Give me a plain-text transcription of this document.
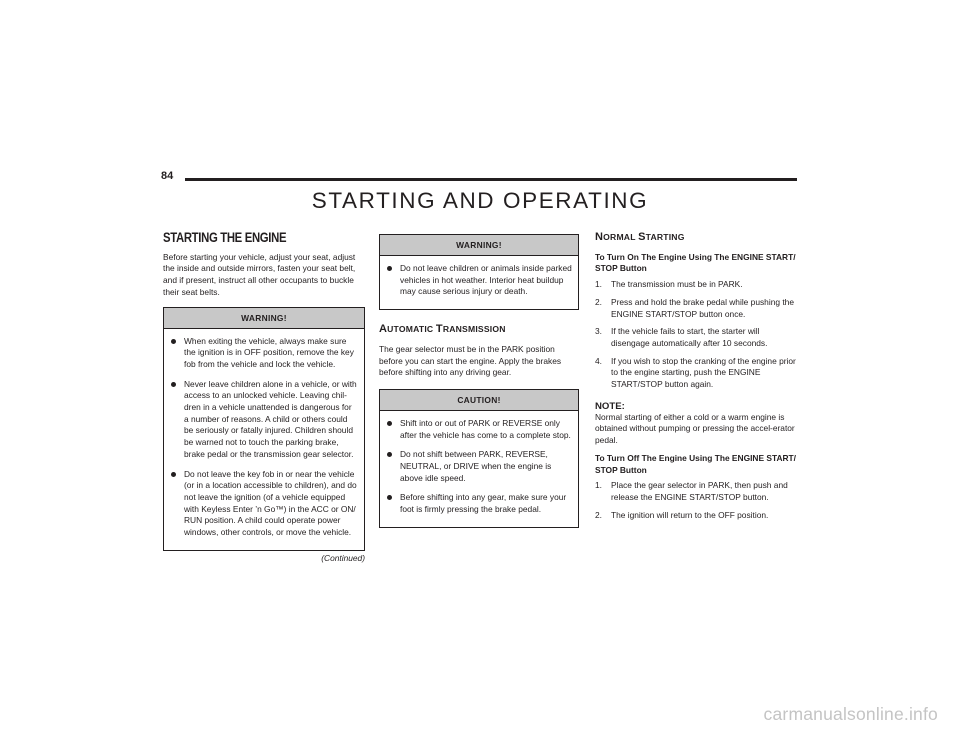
84
STARTING AND OPERATING
STARTING THE ENGINE

Before starting your vehicle, adjust your seat, adjust the inside and outside mirrors, fasten your seat belt, and if present, instruct all other occupants to buckle their seat belts.

WARNING!
When exiting the vehicle, always make sure the ignition is in OFF position, remove the key fob from the vehicle and lock the vehicle.
Never leave children alone in a vehicle, or with access to an unlocked vehicle. Leaving chil-dren in a vehicle unattended is dangerous for a number of reasons. A child or others could be seriously or fatally injured. Children should be warned not to touch the parking brake, brake pedal or the transmission gear selector.
Do not leave the key fob in or near the vehicle (or in a location accessible to children), and do not leave the ignition (of a vehicle equipped with Keyless Enter ’n Go™) in the ACC or ON/ RUN position. A child could operate power windows, other controls, or move the vehicle.
(Continued)
WARNING!
Do not leave children or animals inside parked vehicles in hot weather. Interior heat buildup may cause serious injury or death.
AUTOMATIC TRANSMISSION

The gear selector must be in the PARK position before you can start the engine. Apply the brakes before shifting into any driving gear.

CAUTION!
Shift into or out of PARK or REVERSE only after the vehicle has come to a complete stop.
Do not shift between PARK, REVERSE, NEUTRAL, or DRIVE when the engine is above idle speed.
Before shifting into any gear, make sure your foot is firmly pressing the brake pedal.
NORMAL STARTING

To Turn On The Engine Using The ENGINE START/ STOP Button

1. The transmission must be in PARK.
2. Press and hold the brake pedal while pushing the ENGINE START/STOP button once.
3. If the vehicle fails to start, the starter will disengage automatically after 10 seconds.
4. If you wish to stop the cranking of the engine prior to the engine starting, push the ENGINE START/STOP button again.
NOTE:

Normal starting of either a cold or a warm engine is obtained without pumping or pressing the accel-erator pedal.

To Turn Off The Engine Using The ENGINE START/ STOP Button

1. Place the gear selector in PARK, then push and release the ENGINE START/STOP button.
2. The ignition will return to the OFF position.
carmanualsonline.info
